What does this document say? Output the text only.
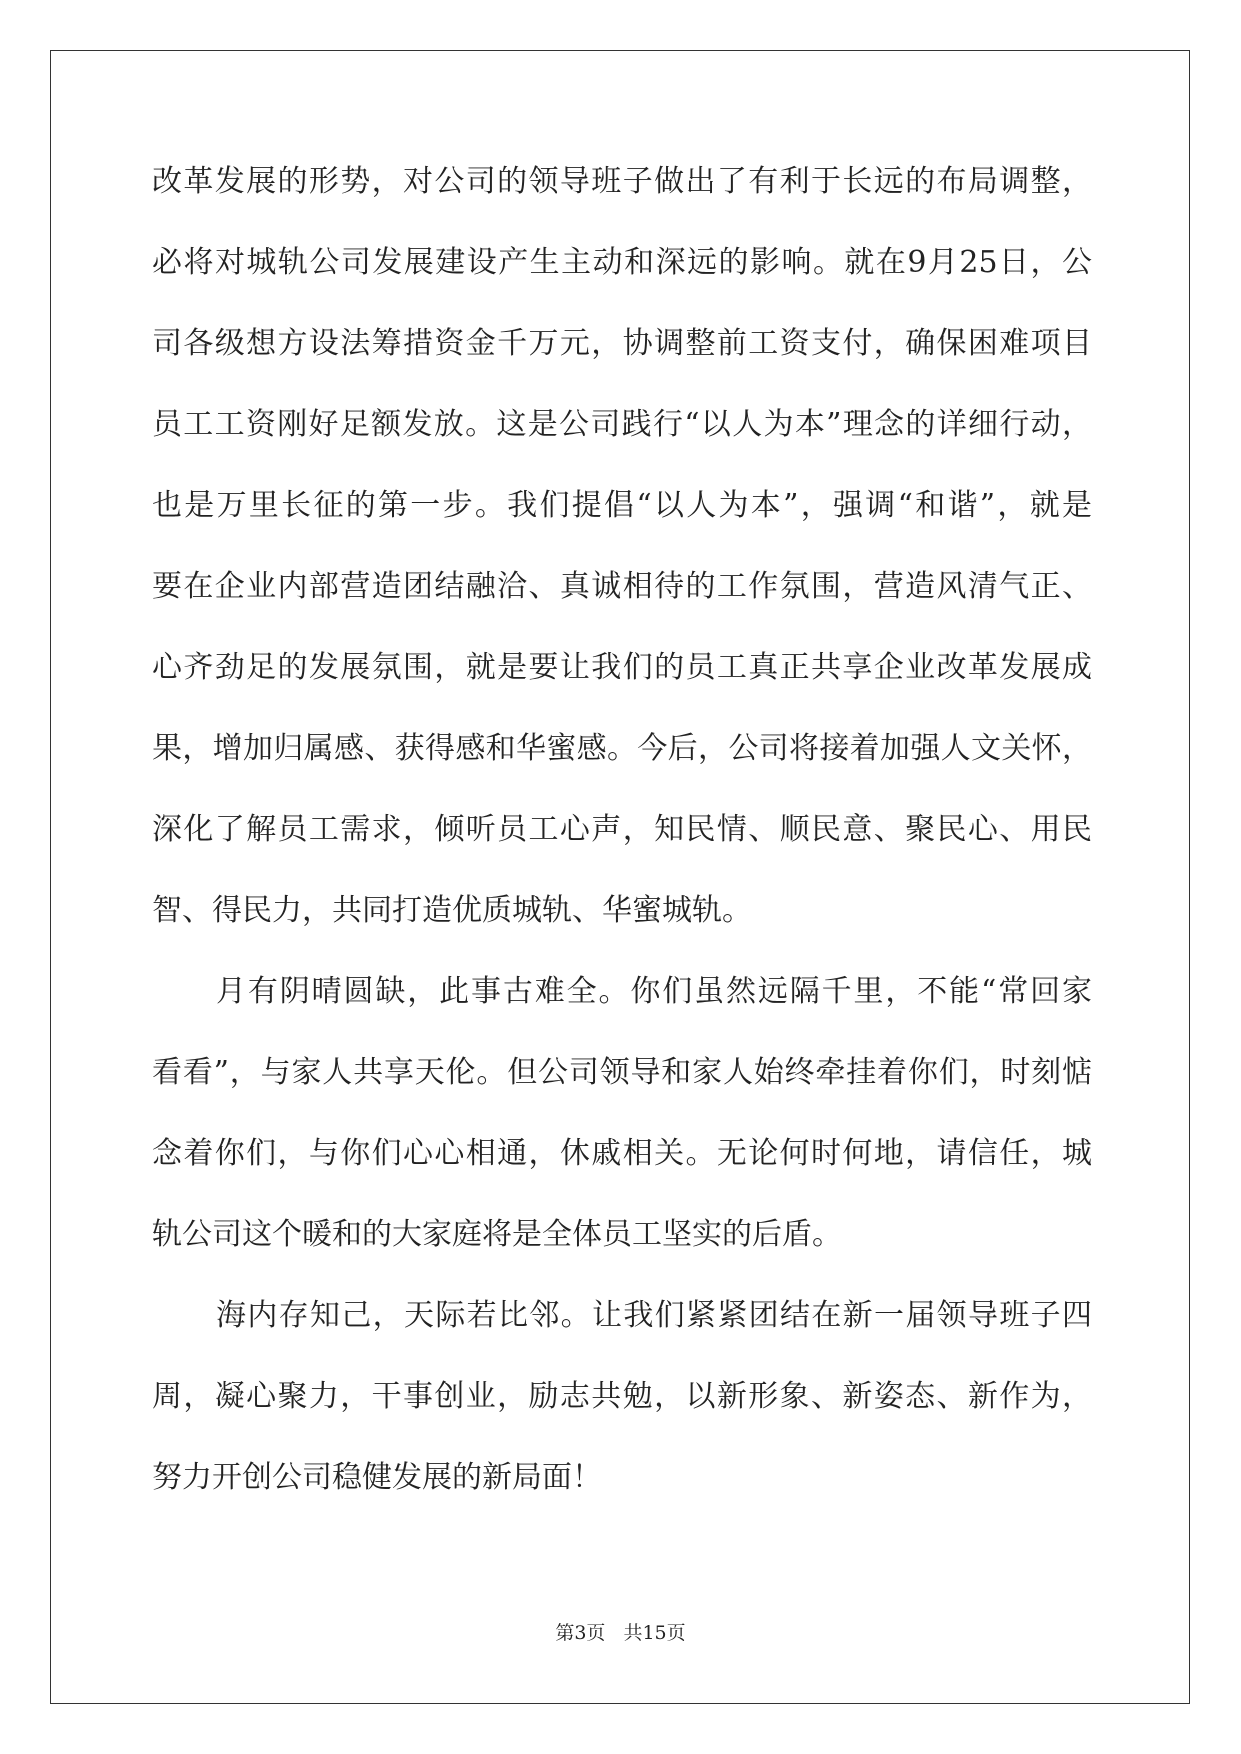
改革发展的形势，对公司的领导班子做出了有利于长远的布局调整，
必将对城轨公司发展建设产生主动和深远的影响。就在9月25日，公
司各级想方设法筹措资金千万元，协调整前工资支付，确保困难项目
员工工资刚好足额发放。这是公司践行“以人为本”理念的详细行动，
也是万里长征的第一步。我们提倡“以人为本”，强调“和谐”，就是
要在企业内部营造团结融洽、真诚相待的工作氛围，营造风清气正、
心齐劲足的发展氛围，就是要让我们的员工真正共享企业改革发展成
果，增加归属感、获得感和华蜜感。今后，公司将接着加强人文关怀，
深化了解员工需求，倾听员工心声，知民情、顺民意、聚民心、用民
智、得民力，共同打造优质城轨、华蜜城轨。
月有阴晴圆缺，此事古难全。你们虽然远隔千里，不能“常回家
看看”，与家人共享天伦。但公司领导和家人始终牵挂着你们，时刻惦
念着你们，与你们心心相通，休戚相关。无论何时何地，请信任，城
轨公司这个暖和的大家庭将是全体员工坚实的后盾。
海内存知己，天际若比邻。让我们紧紧团结在新一届领导班子四
周，凝心聚力，干事创业，励志共勉，以新形象、新姿态、新作为，
努力开创公司稳健发展的新局面！
第3页 共15页
